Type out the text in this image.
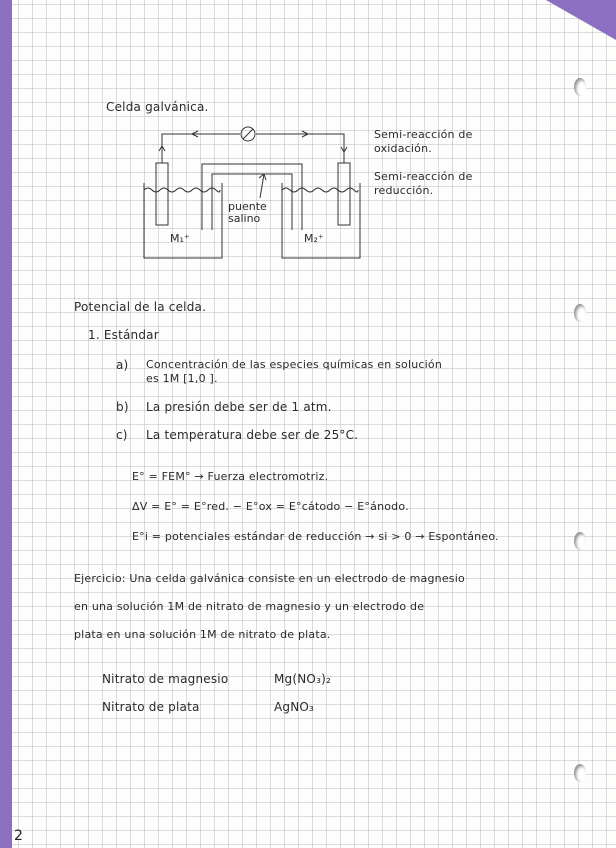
Celda galvánica.

puente
salino
M₁⁺	M₂⁺

Semi-reacción de

oxidación.

Semi-reacción de

reducción.

Potencial de la celda.

1. Estándar

a) Concentración de las especies químicas en solución

es 1M [1,0 ].

b) La presión debe ser de 1 atm.

c) La temperatura debe ser de 25°C.

E° = FEM° → Fuerza electromotriz.

ΔV = E° = E°red. − E°ox = E°cátodo − E°ánodo.

E°i = potenciales estándar de reducción → si > 0 → Espontáneo.

Ejercicio: Una celda galvánica consiste en un electrodo de magnesio

en una solución 1M de nitrato de magnesio y un electrodo de

plata en una solución 1M de nitrato de plata.

Nitrato de magnesio	Mg(NO₃)₂

Nitrato de plata	AgNO₃

2
